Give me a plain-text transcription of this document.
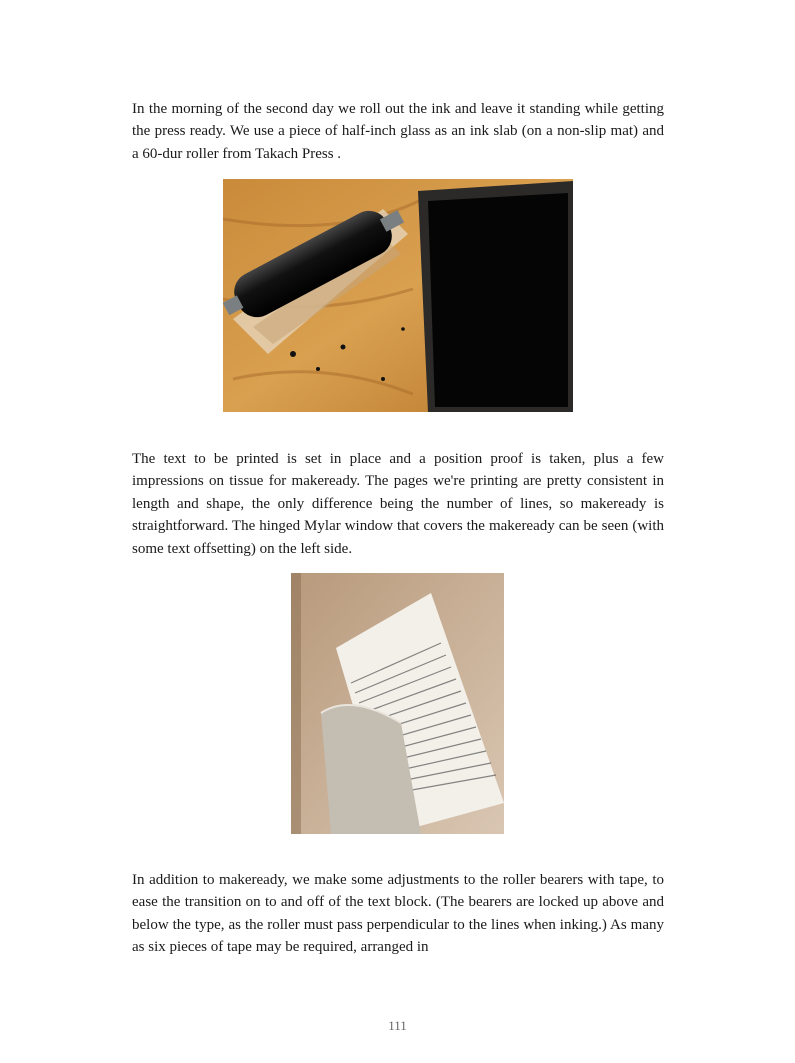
In the morning of the second day we roll out the ink and leave it standing while getting the press ready. We use a piece of half-inch glass as an ink slab (on a non-slip mat) and a 60-dur roller from Takach Press .

The text to be printed is set in place and a position proof is taken, plus a few impressions on tissue for makeready. The pages we're printing are pretty consistent in length and shape, the only difference being the number of lines, so makeready is straightforward. The hinged Mylar window that covers the makeready can be seen (with some text offsetting) on the left side.

In addition to makeready, we make some adjustments to the roller bearers with tape, to ease the transition on to and off of the text block. (The bearers are locked up above and below the type, as the roller must pass perpendicular to the lines when inking.) As many as six pieces of tape may be required, arranged in

111
